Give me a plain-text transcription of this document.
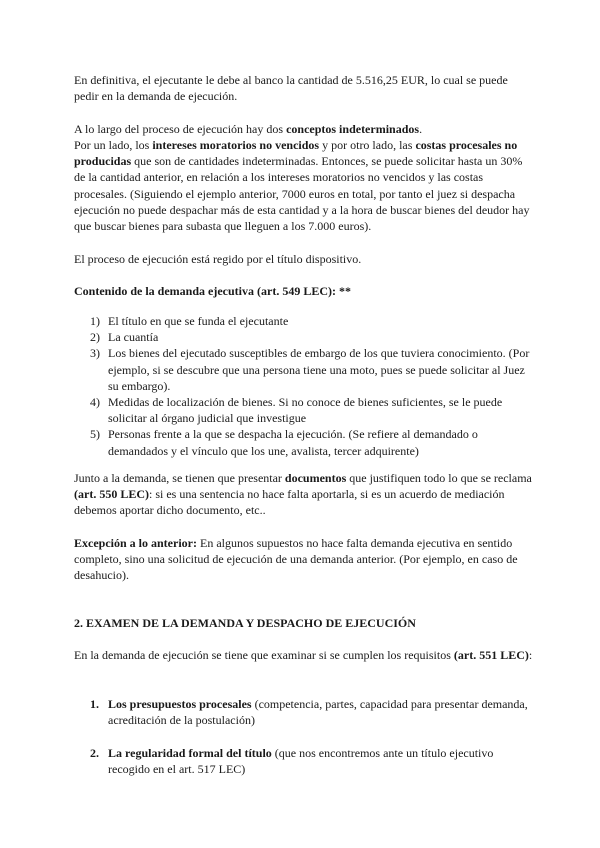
En definitiva, el ejecutante le debe al banco la cantidad de 5.516,25 EUR, lo cual se puede pedir en la demanda de ejecución.

A lo largo del proceso de ejecución hay dos conceptos indeterminados.

Por un lado, los intereses moratorios no vencidos y por otro lado, las costas procesales no producidas que son de cantidades indeterminadas. Entonces, se puede solicitar hasta un 30% de la cantidad anterior, en relación a los intereses moratorios no vencidos y las costas procesales. (Siguiendo el ejemplo anterior, 7000 euros en total, por tanto el juez si despacha ejecución no puede despachar más de esta cantidad y a la hora de buscar bienes del deudor hay que buscar bienes para subasta que lleguen a los 7.000 euros).

El proceso de ejecución está regido por el título dispositivo.

Contenido de la demanda ejecutiva (art. 549 LEC): **

1) El título en que se funda el ejecutante
2) La cuantía
3) Los bienes del ejecutado susceptibles de embargo de los que tuviera conocimiento. (Por ejemplo, si se descubre que una persona tiene una moto, pues se puede solicitar al Juez su embargo).
4) Medidas de localización de bienes. Si no conoce de bienes suficientes, se le puede solicitar al órgano judicial que investigue
5) Personas frente a la que se despacha la ejecución. (Se refiere al demandado o demandados y el vínculo que los une, avalista, tercer adquirente)

Junto a la demanda, se tienen que presentar documentos que justifiquen todo lo que se reclama (art. 550 LEC): si es una sentencia no hace falta aportarla, si es un acuerdo de mediación debemos aportar dicho documento, etc..

Excepción a lo anterior: En algunos supuestos no hace falta demanda ejecutiva en sentido completo, sino una solicitud de ejecución de una demanda anterior. (Por ejemplo, en caso de desahucio).

2. EXAMEN DE LA DEMANDA Y DESPACHO DE EJECUCIÓN

En la demanda de ejecución se tiene que examinar si se cumplen los requisitos (art. 551 LEC):

1. Los presupuestos procesales (competencia, partes, capacidad para presentar demanda, acreditación de la postulación)

2. La regularidad formal del título (que nos encontremos ante un título ejecutivo recogido en el art. 517 LEC)
